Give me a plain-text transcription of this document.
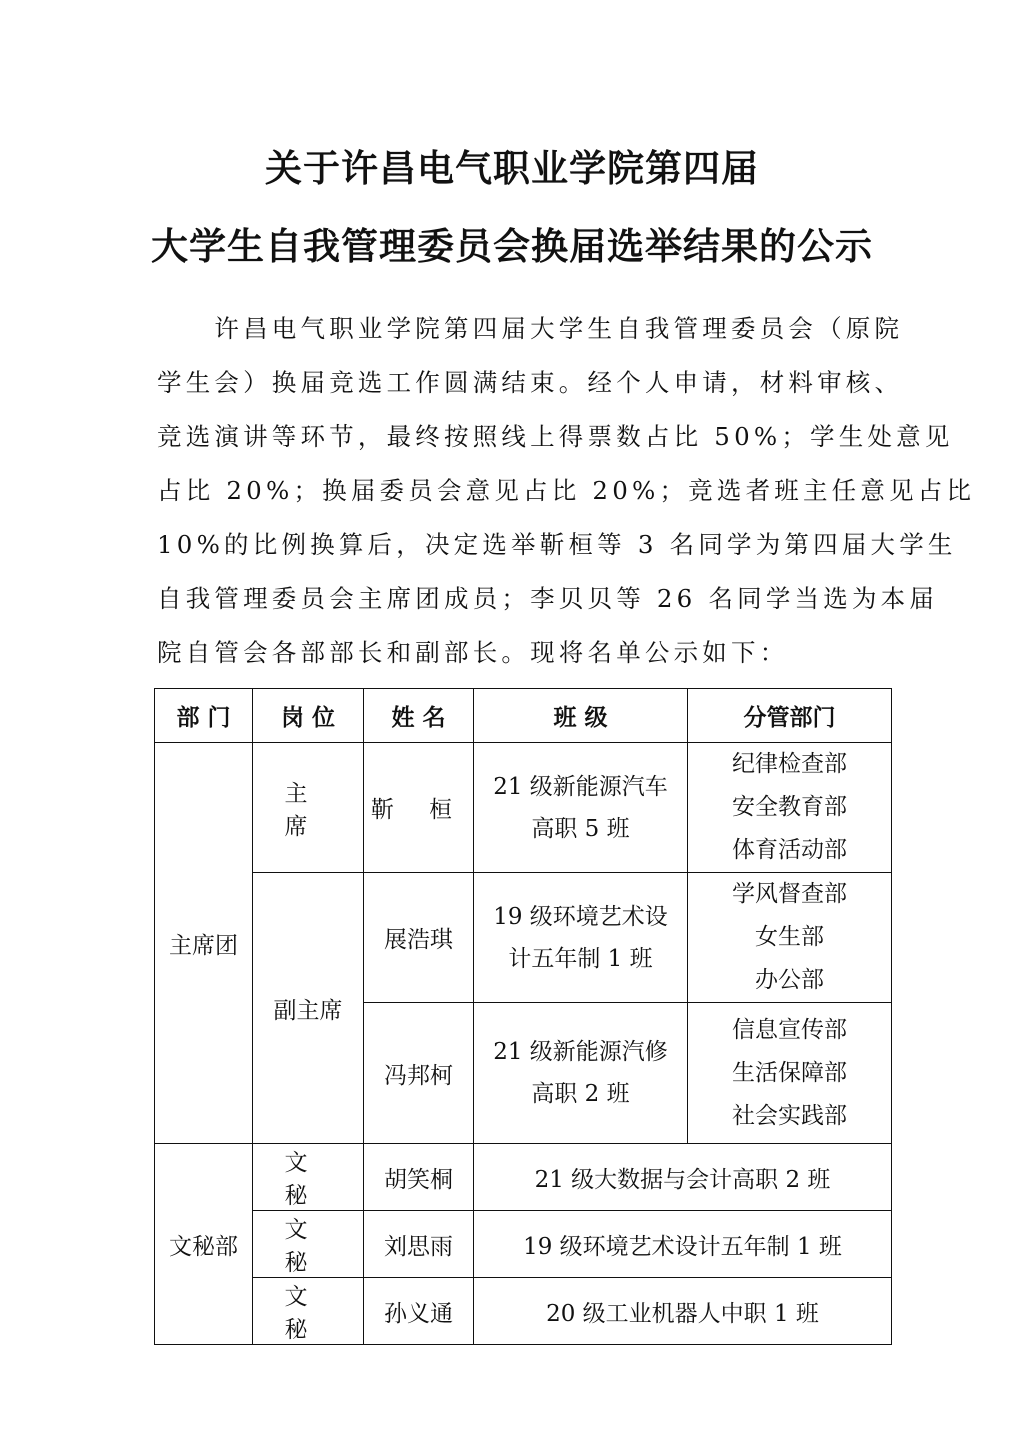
关于许昌电气职业学院第四届
大学生自我管理委员会换届选举结果的公示
　　许昌电气职业学院第四届大学生自我管理委员会（原院
学生会）换届竞选工作圆满结束。经个人申请，材料审核、
竞选演讲等环节，最终按照线上得票数占比 50%；学生处意见
占比 20%；换届委员会意见占比 20%；竞选者班主任意见占比
10%的比例换算后，决定选举靳桓等 3 名同学为第四届大学生
自我管理委员会主席团成员；李贝贝等 26 名同学当选为本届
院自管会各部部长和副部长。现将名单公示如下：
部 门	岗 位	姓 名	班 级	分管部门
主席团	主 席	靳 桓	21 级新能源汽车
高职 5 班	纪律检查部
安全教育部
体育活动部

	副主席	展浩琪	19 级环境艺术设
计五年制 1 班	学风督查部
女生部
办公部

		冯邦柯	21 级新能源汽修
高职 2 班	信息宣传部
生活保障部
社会实践部

文秘部	文 秘	胡笑桐	21 级大数据与会计高职 2 班	
	文 秘	刘思雨	19 级环境艺术设计五年制 1 班	
	文 秘	孙义通	20 级工业机器人中职 1 班	
